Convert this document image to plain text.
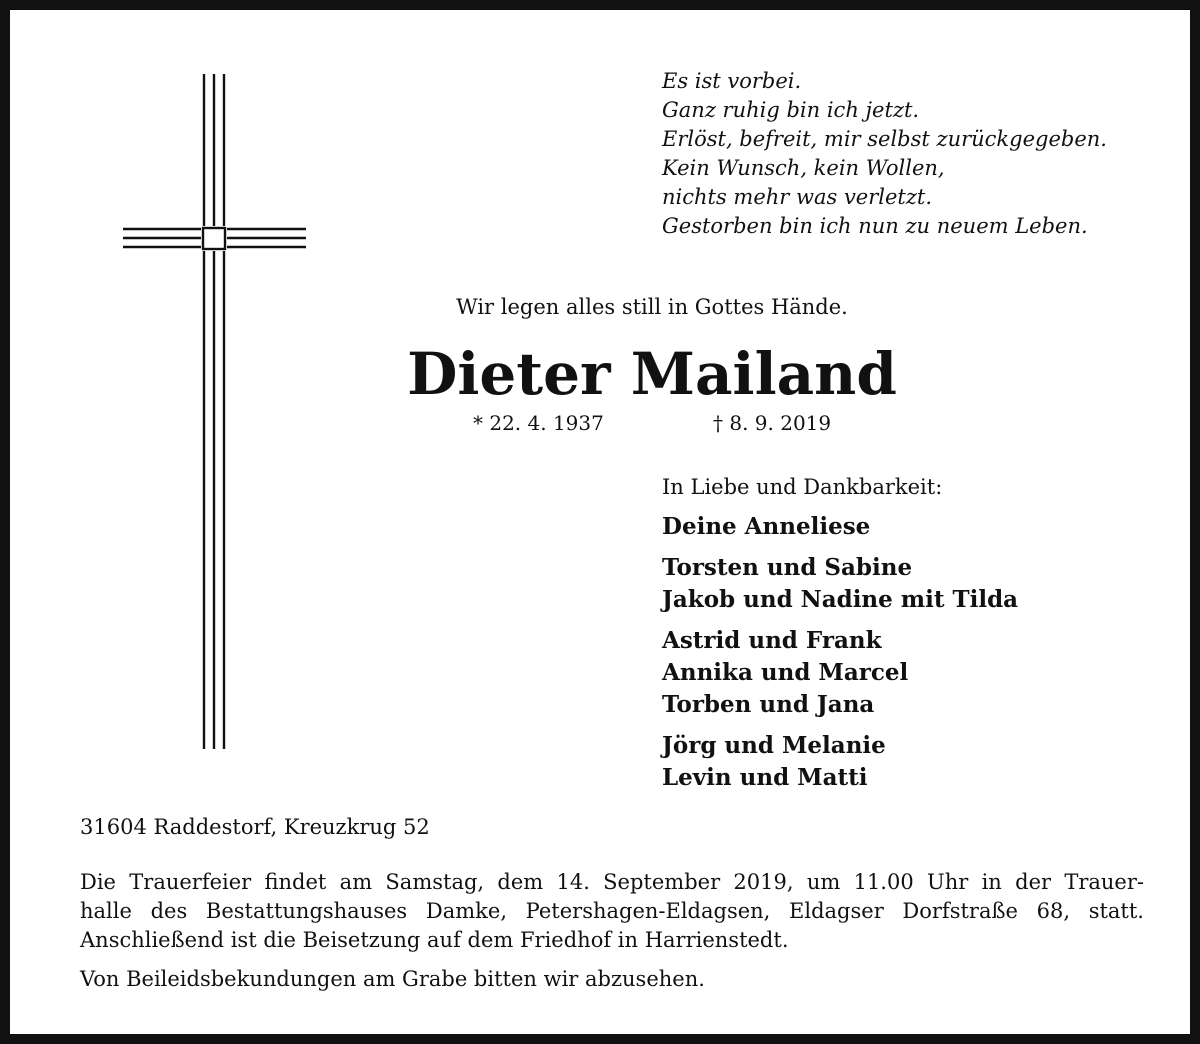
Es ist vorbei.
Ganz ruhig bin ich jetzt.
Erlöst, befreit, mir selbst zurückgegeben.
Kein Wunsch, kein Wollen,
nichts mehr was verletzt.
Gestorben bin ich nun zu neuem Leben.
Wir legen alles still in Gottes Hände.
Dieter Mailand
* 22. 4. 1937	† 8. 9. 2019
In Liebe und Dankbarkeit:
Deine Anneliese
Torsten und Sabine
Jakob und Nadine mit Tilda
Astrid und Frank
Annika und Marcel
Torben und Jana
Jörg und Melanie
Levin und Matti
31604 Raddestorf, Kreuzkrug 52
Die Trauerfeier findet am Samstag, dem 14. September 2019, um 11.00 Uhr in der Trauer-
halle des Bestattungshauses Damke, Petershagen-Eldagsen, Eldagser Dorfstraße 68, statt.
Anschließend ist die Beisetzung auf dem Friedhof in Harrienstedt.
Von Beileidsbekundungen am Grabe bitten wir abzusehen.
